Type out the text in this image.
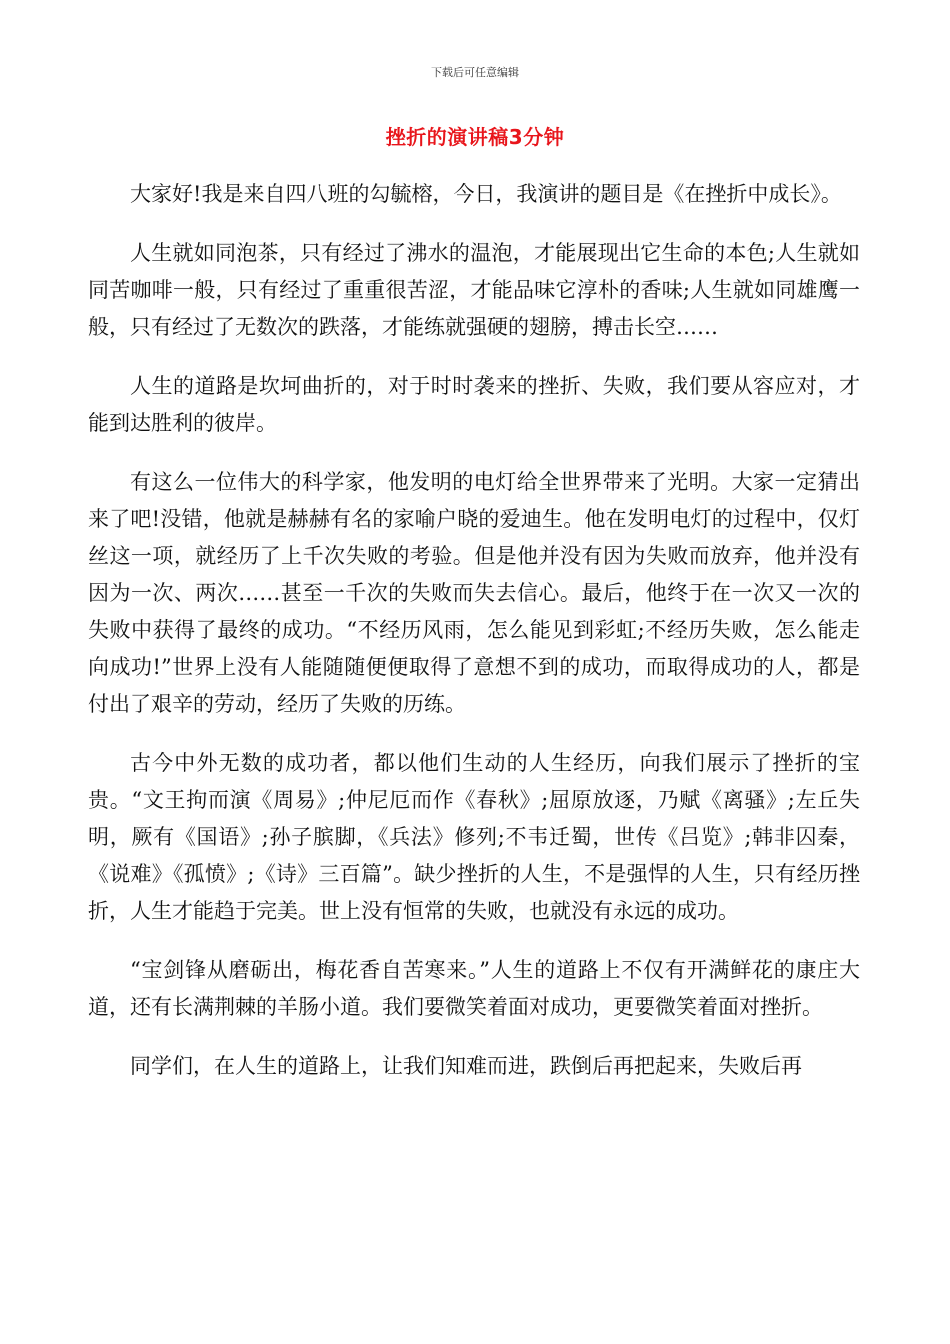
下载后可任意编辑
挫折的演讲稿3分钟

大家好!我是来自四八班的勾毓榕，今日，我演讲的题目是《在挫折中成长》。

人生就如同泡茶，只有经过了沸水的温泡，才能展现出它生命的本色;人生就如同苦咖啡一般，只有经过了重重很苦涩，才能品味它淳朴的香味;人生就如同雄鹰一般，只有经过了无数次的跌落，才能练就强硬的翅膀，搏击长空……

人生的道路是坎坷曲折的，对于时时袭来的挫折、失败，我们要从容应对，才能到达胜利的彼岸。

有这么一位伟大的科学家，他发明的电灯给全世界带来了光明。大家一定猜出来了吧!没错，他就是赫赫有名的家喻户晓的爱迪生。他在发明电灯的过程中，仅灯丝这一项，就经历了上千次失败的考验。但是他并没有因为失败而放弃，他并没有因为一次、两次……甚至一千次的失败而失去信心。最后，他终于在一次又一次的失败中获得了最终的成功。“不经历风雨，怎么能见到彩虹;不经历失败，怎么能走向成功!”世界上没有人能随随便便取得了意想不到的成功，而取得成功的人，都是付出了艰辛的劳动，经历了失败的历练。

古今中外无数的成功者，都以他们生动的人生经历，向我们展示了挫折的宝贵。“文王拘而演《周易》;仲尼厄而作《春秋》;屈原放逐，乃赋《离骚》;左丘失明，厥有《国语》;孙子膑脚，《兵法》修列;不韦迁蜀，世传《吕览》;韩非囚秦，《说难》《孤愤》;《诗》三百篇”。缺少挫折的人生，不是强悍的人生，只有经历挫折，人生才能趋于完美。世上没有恒常的失败，也就没有永远的成功。

“宝剑锋从磨砺出，梅花香自苦寒来。”人生的道路上不仅有开满鲜花的康庄大道，还有长满荆棘的羊肠小道。我们要微笑着面对成功，更要微笑着面对挫折。

同学们，在人生的道路上，让我们知难而进，跌倒后再把起来，失败后再
